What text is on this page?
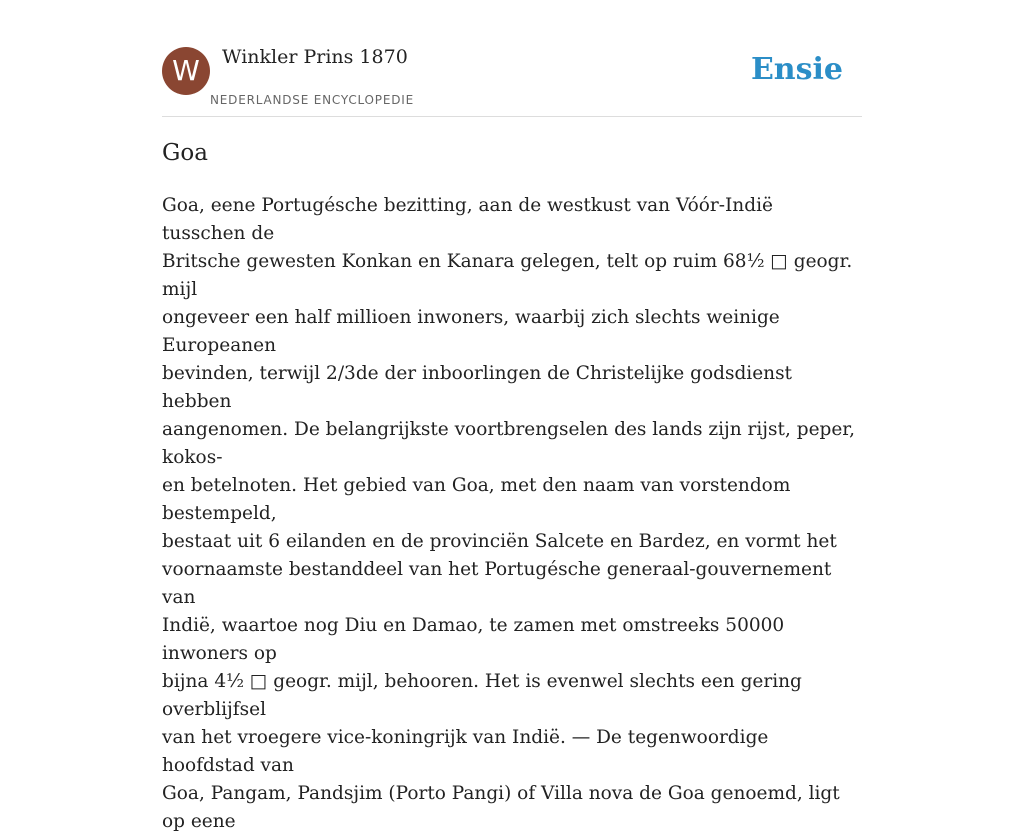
W	Winkler Prins 1870
NEDERLANDSE ENCYCLOPEDIE
Ensie
Goa

Goa, eene Portugésche bezitting, aan de westkust van Vóór-Indië tusschen de
Britsche gewesten Konkan en Kanara gelegen, telt op ruim 68½ □ geogr. mijl
ongeveer een half millioen inwoners, waarbij zich slechts weinige Europeanen
bevinden, terwijl 2/3de der inboorlingen de Christelijke godsdienst hebben
aangenomen. De belangrijkste voortbrengselen des lands zijn rijst, peper, kokos-
en betelnoten. Het gebied van Goa, met den naam van vorstendom bestempeld,
bestaat uit 6 eilanden en de provinciën Salcete en Bardez, en vormt het
voornaamste bestanddeel van het Portugésche generaal-gouvernement van
Indië, waartoe nog Diu en Damao, te zamen met omstreeks 50000 inwoners op
bijna 4½ □ geogr. mijl, behooren. Het is evenwel slechts een gering overblijfsel
van het vroegere vice-koningrijk van Indië. — De tegenwoordige hoofdstad van
Goa, Pangam, Pandsjim (Porto Pangi) of Villa nova de Goa genoemd, ligt op eene
